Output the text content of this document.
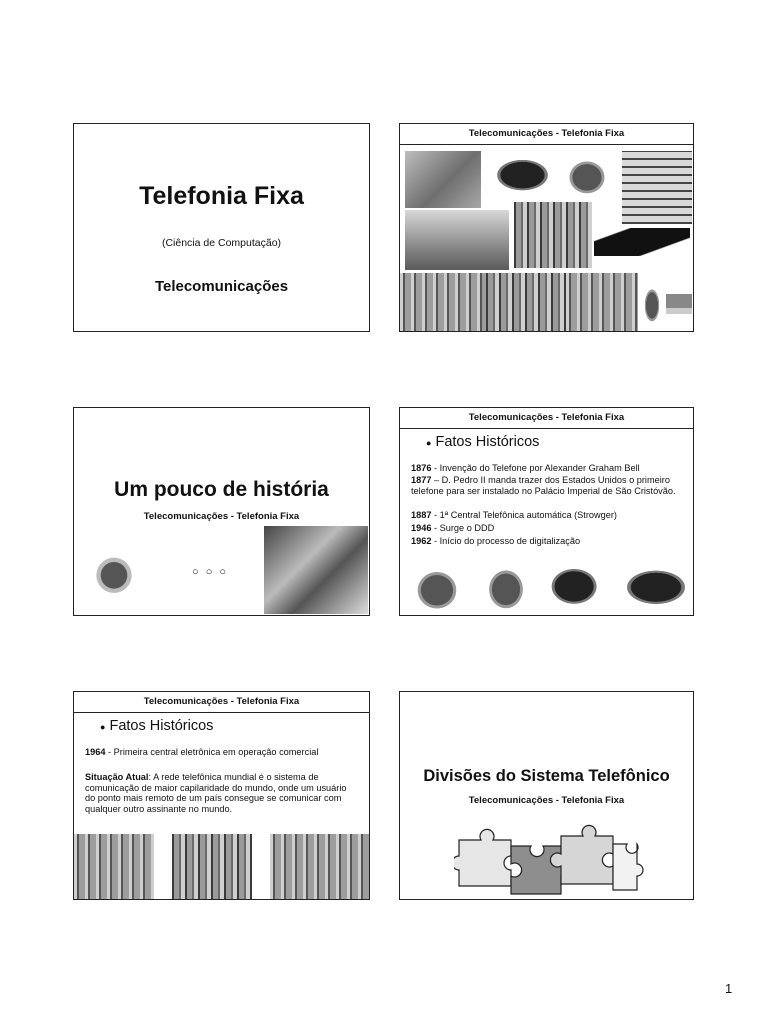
Telefonia Fixa
(Ciência de Computação)
Telecomunicações
Telecomunicações - Telefonia Fixa
Um pouco de história
Telecomunicações - Telefonia Fixa
○ ○ ○
Telecomunicações - Telefonia Fixa
● Fatos Históricos
1876 - Invenção do Telefone por Alexander Graham Bell
1877 – D. Pedro II manda trazer dos Estados Unidos o primeiro telefone para ser instalado no Palácio Imperial de São Cristóvão.
1887 - 1ª Central Telefônica automática (Strowger)
1946 - Surge o DDD
1962 - Início do processo de digitalização
Telecomunicações - Telefonia Fixa
● Fatos Históricos
1964 - Primeira central eletrônica em operação comercial
Situação Atual: A rede telefônica mundial é o sistema de comunicação de maior capilaridade do mundo, onde um usuário do ponto mais remoto de um país consegue se comunicar com qualquer outro assinante no mundo.
Divisões do Sistema Telefônico
Telecomunicações - Telefonia Fixa
1
